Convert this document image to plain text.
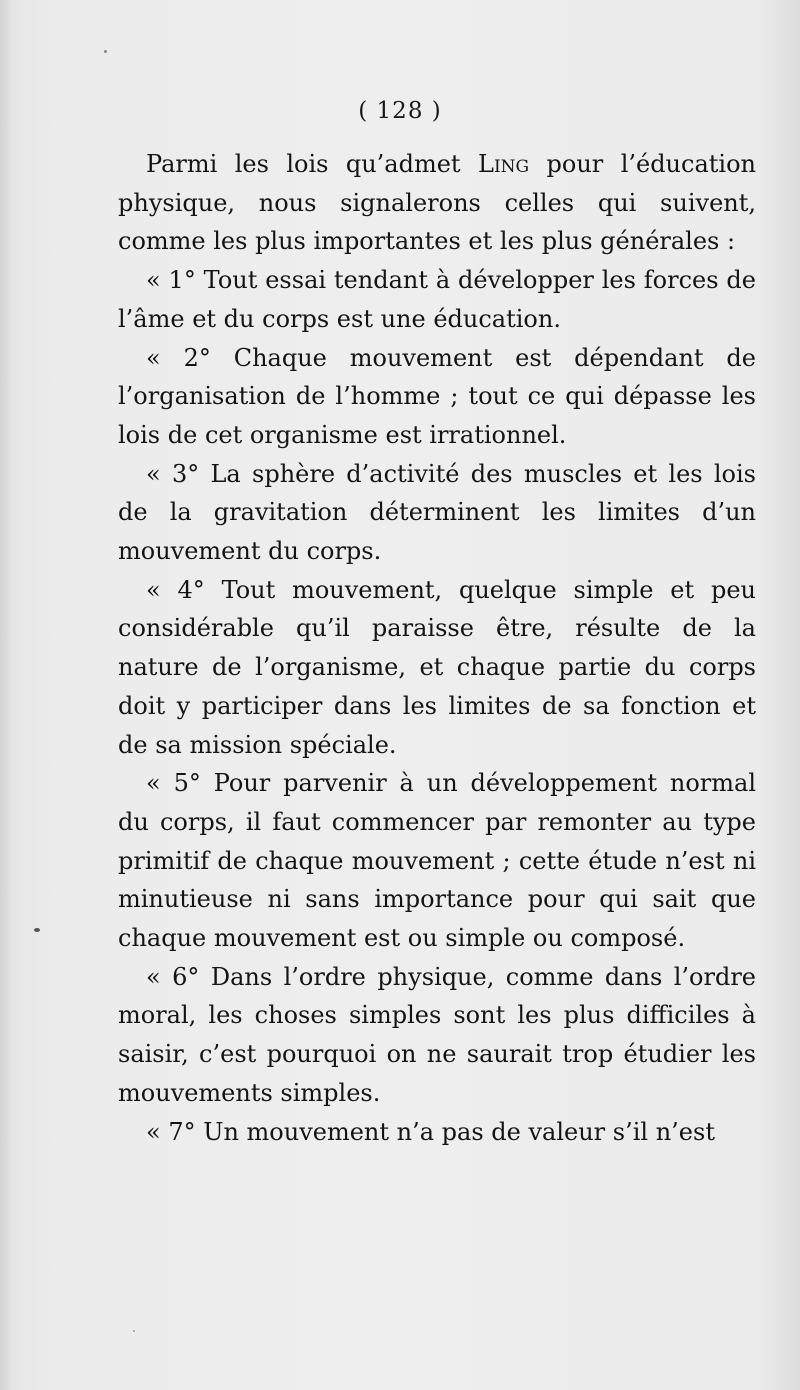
( 128 )

Parmi les lois qu’admet Ling pour l’éducation physique, nous signalerons celles qui suivent, comme les plus importantes et les plus générales :

« 1° Tout essai tendant à développer les forces de l’âme et du corps est une éducation.

« 2° Chaque mouvement est dépendant de l’organisation de l’homme ; tout ce qui dépasse les lois de cet organisme est irrationnel.

« 3° La sphère d’activité des muscles et les lois de la gravitation déterminent les limites d’un mouvement du corps.

« 4° Tout mouvement, quelque simple et peu considérable qu’il paraisse être, résulte de la nature de l’organisme, et chaque partie du corps doit y participer dans les limites de sa fonction et de sa mission spéciale.

« 5° Pour parvenir à un développement normal du corps, il faut commencer par remonter au type primitif de chaque mouvement ; cette étude n’est ni minutieuse ni sans importance pour qui sait que chaque mouvement est ou simple ou composé.

« 6° Dans l’ordre physique, comme dans l’ordre moral, les choses simples sont les plus difficiles à saisir, c’est pourquoi on ne saurait trop étudier les mouvements simples.

« 7° Un mouvement n’a pas de valeur s’il n’est
